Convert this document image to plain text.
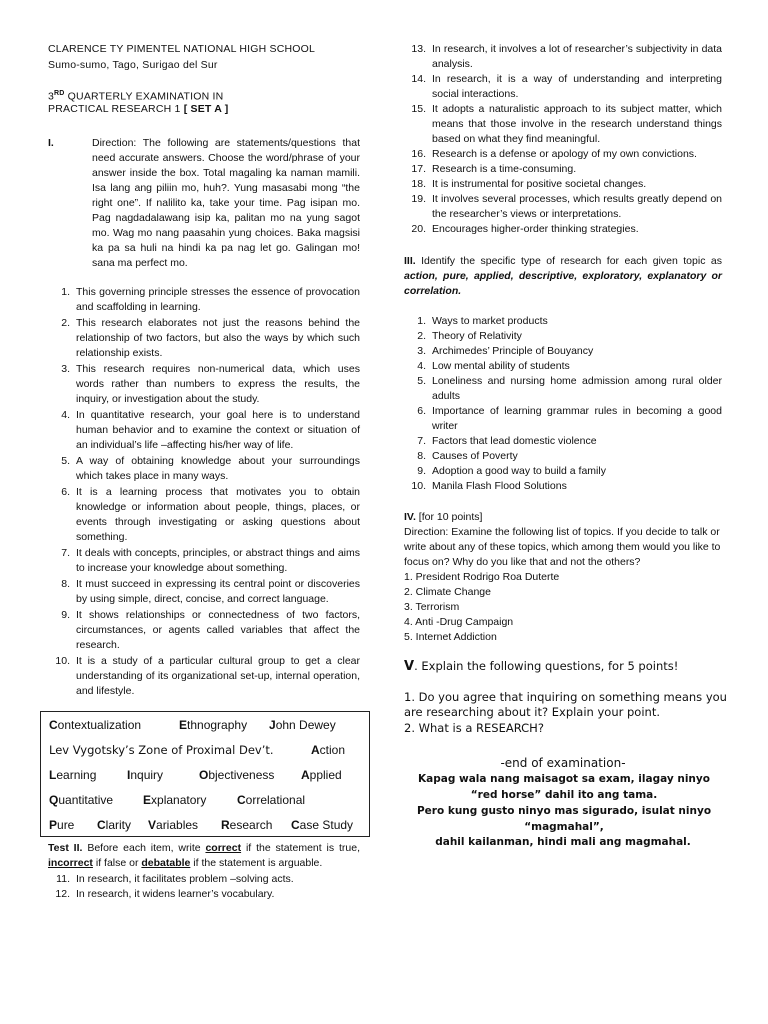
CLARENCE TY PIMENTEL NATIONAL HIGH SCHOOL
Sumo-sumo, Tago, Surigao del Sur
3RD QUARTERLY EXAMINATION IN
PRACTICAL RESEARCH 1 [ SET A ]
I.	Direction: The following are statements/questions that need accurate answers. Choose the word/phrase of your answer inside the box. Total magaling ka naman mamili. Isa lang ang piliin mo, huh?. Yung masasabi mong “the right one”. If nalilito ka, take your time. Pag isipan mo. Pag nagdadalawang isip ka, palitan mo na yung sagot mo. Wag mo nang paasahin yung choices. Baka magsisi ka pa sa huli na hindi ka pa nag let go. Galingan mo! sana ma perfect mo.
1. This governing principle stresses the essence of provocation and scaffolding in learning.
2. This research elaborates not just the reasons behind the relationship of two factors, but also the ways by which such relationship exists.
3. This research requires non-numerical data, which uses words rather than numbers to express the results, the inquiry, or investigation about the study.
4. In quantitative research, your goal here is to understand human behavior and to examine the context or situation of an individual’s life –affecting his/her way of life.
5. A way of obtaining knowledge about your surroundings which takes place in many ways.
6. It is a learning process that motivates you to obtain knowledge or information about people, things, places, or events through investigating or asking questions about something.
7. It deals with concepts, principles, or abstract things and aims to increase your knowledge about something.
8. It must succeed in expressing its central point or discoveries by using simple, direct, concise, and correct language.
9. It shows relationships or connectedness of two factors, circumstances, or agents called variables that affect the research.
10. It is a study of a particular cultural group to get a clear understanding of its organizational set-up, internal operation, and lifestyle.
Contextualization	Ethnography John Dewey
Lev Vygotsky’s Zone of Proximal Dev’t.	Action
Learning	Inquiry	Objectiveness Applied
Quantitative Explanatory	Correlational
Pure Clarity Variables Research Case Study
Test II. Before each item, write correct if the statement is true, incorrect if false or debatable if the statement is arguable.
11. In research, it facilitates problem –solving acts.
12. In research, it widens learner’s vocabulary.
13. In research, it involves a lot of researcher’s subjectivity in data analysis.
14. In research, it is a way of understanding and interpreting social interactions.
15. It adopts a naturalistic approach to its subject matter, which means that those involve in the research understand things based on what they find meaningful.
16. Research is a defense or apology of my own convictions.
17. Research is a time-consuming.
18. It is instrumental for positive societal changes.
19. It involves several processes, which results greatly depend on the researcher’s views or interpretations.
20. Encourages higher-order thinking strategies.
III. Identify the specific type of research for each given topic as action, pure, applied, descriptive, exploratory, explanatory or correlation.
1. Ways to market products
2. Theory of Relativity
3. Archimedes’ Principle of Bouyancy
4. Low mental ability of students
5. Loneliness and nursing home admission among rural older adults
6. Importance of learning grammar rules in becoming a good writer
7. Factors that lead domestic violence
8. Causes of Poverty
9. Adoption a good way to build a family
10. Manila Flash Flood Solutions
IV. [for 10 points]
Direction: Examine the following list of topics. If you decide to talk or write about any of these topics, which among them would you like to focus on? Why do you like that and not the others?
1. President Rodrigo Roa Duterte
2. Climate Change
3. Terrorism
4. Anti -Drug Campaign
5. Internet Addiction
V. Explain the following questions, for 5 points!
1. Do you agree that inquiring on something means you are researching about it? Explain your point.
2. What is a RESEARCH?
-end of examination-
Kapag wala nang maisagot sa exam, ilagay ninyo “red horse” dahil ito ang tama.
Pero kung gusto ninyo mas sigurado, isulat ninyo “magmahal”,
dahil kailanman, hindi mali ang magmahal.
